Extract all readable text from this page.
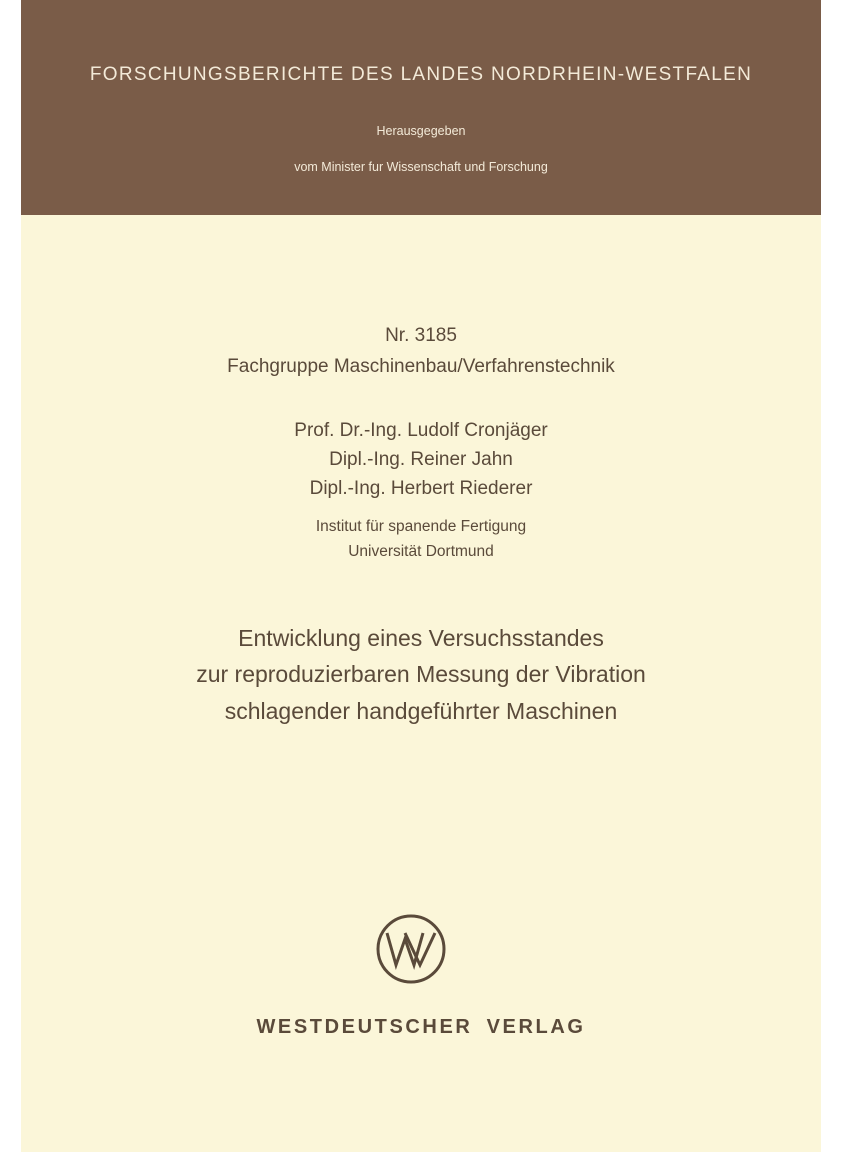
FORSCHUNGSBERICHTE DES LANDES NORDRHEIN-WESTFALEN
Herausgegeben
vom Minister fur Wissenschaft und Forschung
Nr. 3185
Fachgruppe Maschinenbau/Verfahrenstechnik
Prof. Dr.-Ing. Ludolf Cronjäger
Dipl.-Ing. Reiner Jahn
Dipl.-Ing. Herbert Riederer
Institut für spanende Fertigung
Universität Dortmund
Entwicklung eines Versuchsstandes
zur reproduzierbaren Messung der Vibration
schlagender handgeführter Maschinen
WESTDEUTSCHER VERLAG
